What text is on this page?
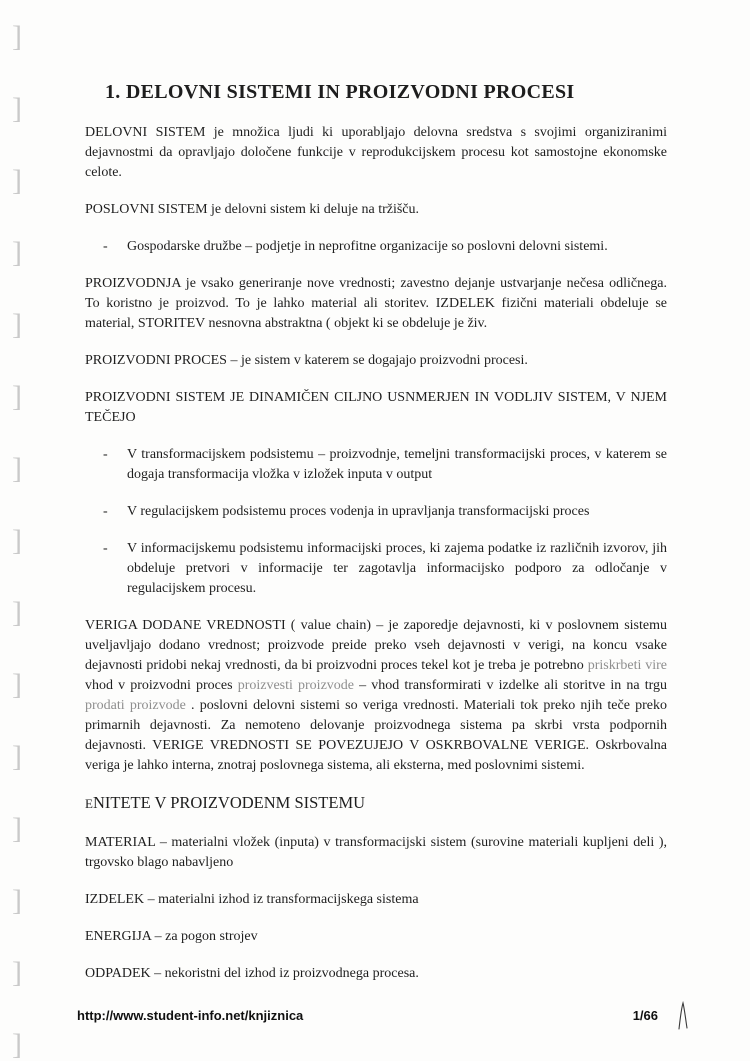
]
]
]
]
]
]
]
]
]
]
]
]
]
]
]
1. DELOVNI SISTEMI IN PROIZVODNI PROCESI

DELOVNI SISTEM je množica ljudi ki uporabljajo delovna sredstva s svojimi organiziranimi dejavnostmi da opravljajo določene funkcije v reprodukcijskem procesu kot samostojne ekonomske celote.

POSLOVNI SISTEM je delovni sistem ki deluje na tržišču.

-	Gospodarske družbe – podjetje in neprofitne organizacije so poslovni delovni sistemi.

PROIZVODNJA je vsako generiranje nove vrednosti; zavestno dejanje ustvarjanje nečesa odličnega. To koristno je proizvod. To je lahko material ali storitev. IZDELEK fizični materiali obdeluje se material, STORITEV nesnovna abstraktna ( objekt ki se obdeluje je živ.

PROIZVODNI PROCES – je sistem v katerem se dogajajo proizvodni procesi.

PROIZVODNI SISTEM JE DINAMIČEN CILJNO USNMERJEN IN VODLJIV SISTEM, V NJEM TEČEJO

-	V transformacijskem podsistemu – proizvodnje, temeljni transformacijski proces, v katerem se dogaja transformacija vložka v izložek inputa v output
-	V regulacijskem podsistemu proces vodenja in upravljanja transformacijski proces
-	V informacijskemu podsistemu informacijski proces, ki zajema podatke iz različnih izvorov, jih obdeluje pretvori v informacije ter zagotavlja informacijsko podporo za odločanje v regulacijskem procesu.

VERIGA DODANE VREDNOSTI ( value chain) – je zaporedje dejavnosti, ki v poslovnem sistemu uveljavljajo dodano vrednost; proizvode preide preko vseh dejavnosti v verigi, na koncu vsake dejavnosti pridobi nekaj vrednosti, da bi proizvodni proces tekel kot je treba je potrebno priskrbeti vire vhod v proizvodni proces proizvesti proizvode – vhod transformirati v izdelke ali storitve in na trgu prodati proizvode . poslovni delovni sistemi so veriga vrednosti. Materiali tok preko njih teče preko primarnih dejavnosti. Za nemoteno delovanje proizvodnega sistema pa skrbi vrsta podpornih dejavnosti. VERIGE VREDNOSTI SE POVEZUJEJO V OSKRBOVALNE VERIGE. Oskrbovalna veriga je lahko interna, znotraj poslovnega sistema, ali eksterna, med poslovnimi sistemi.

ENITETE V PROIZVODENM SISTEMU

MATERIAL – materialni vložek (inputa) v transformacijski sistem (surovine materiali kupljeni deli ), trgovsko blago nabavljeno

IZDELEK – materialni izhod iz transformacijskega sistema

ENERGIJA – za pogon strojev

ODPADEK – nekoristni del izhod iz proizvodnega procesa.

http://www.student-info.net/knjiznica	1/66
